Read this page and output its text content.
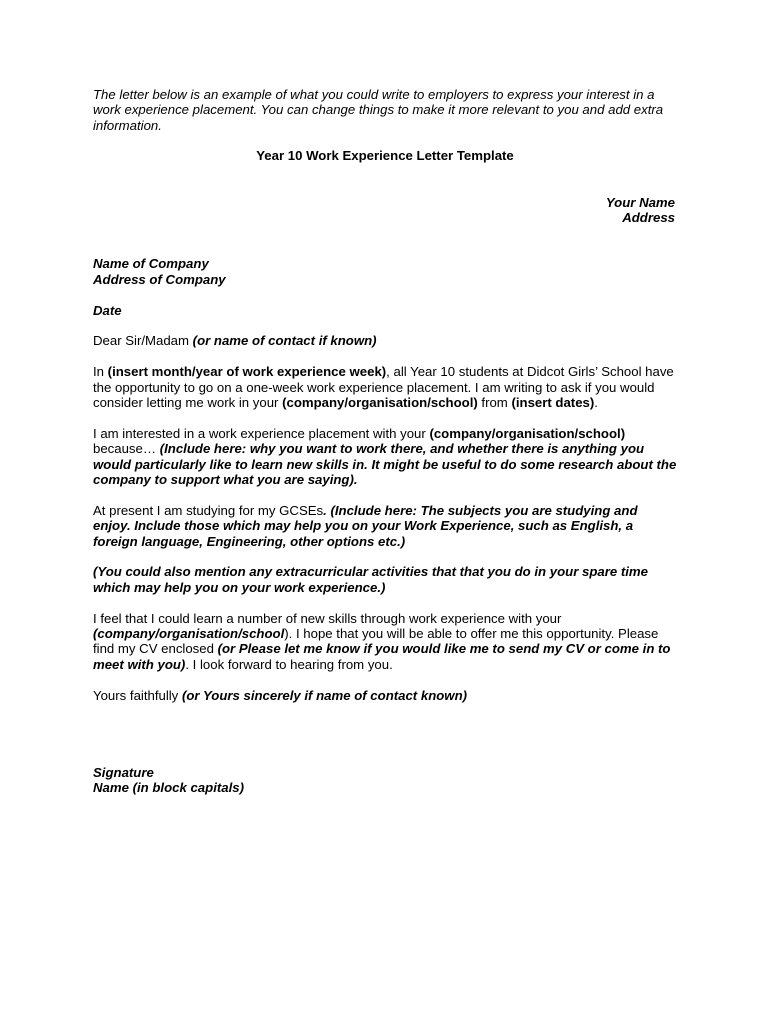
The letter below is an example of what you could write to employers to express your interest in a work experience placement. You can change things to make it more relevant to you and add extra information.

Year 10 Work Experience Letter Template

Your Name
Address
Name of Company
Address of Company

Date

Dear Sir/Madam (or name of contact if known)

In (insert month/year of work experience week), all Year 10 students at Didcot Girls’ School have the opportunity to go on a one-week work experience placement. I am writing to ask if you would consider letting me work in your (company/organisation/school) from (insert dates).

I am interested in a work experience placement with your (company/organisation/school) because… (Include here: why you want to work there, and whether there is anything you would particularly like to learn new skills in. It might be useful to do some research about the company to support what you are saying).

At present I am studying for my GCSEs. (Include here: The subjects you are studying and enjoy. Include those which may help you on your Work Experience, such as English, a foreign language, Engineering, other options etc.)

(You could also mention any extracurricular activities that that you do in your spare time which may help you on your work experience.)

I feel that I could learn a number of new skills through work experience with your (company/organisation/school). I hope that you will be able to offer me this opportunity. Please find my CV enclosed (or Please let me know if you would like me to send my CV or come in to meet with you). I look forward to hearing from you.

Yours faithfully (or Yours sincerely if name of contact known)

Signature
Name (in block capitals)
